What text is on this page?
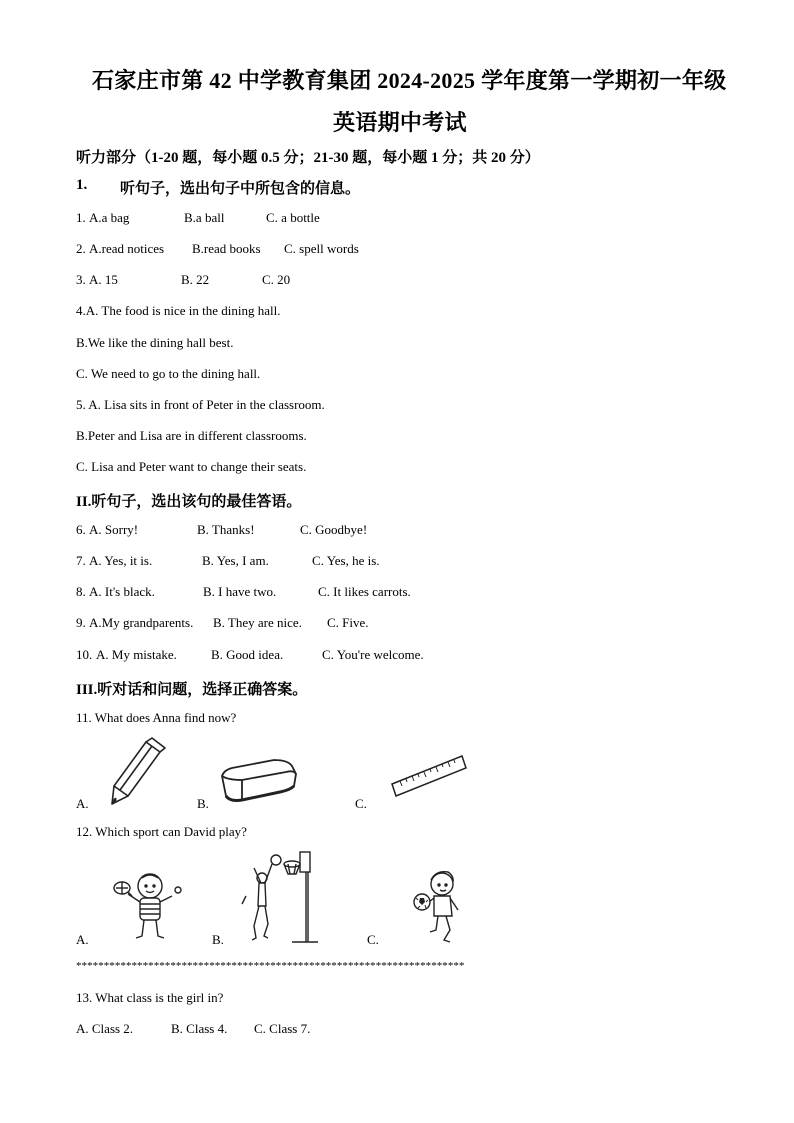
石家庄市第 42 中学教育集团 2024-2025 学年度第一学期初一年级
英语期中考试
听力部分（1-20 题，每小题 0.5 分；21-30 题，每小题 1 分；共 20 分）
1. 听句子，选出句子中所包含的信息。
1. A.a bag	B.a ball	C. a bottle
2. A.read notices B.read books C. spell words
3. A. 15	B. 22	C. 20
4.A. The food is nice in the dining hall.
B.We like the dining hall best.
C. We need to go to the dining hall.
5. A. Lisa sits in front of Peter in the classroom.
B.Peter and Lisa are in different classrooms.
C. Lisa and Peter want to change their seats.
II.听句子，选出该句的最佳答语。
6. A. Sorry!	B. Thanks!	C. Goodbye!
7. A. Yes, it is.	B. Yes, I am.	C. Yes, he is.
8. A. It's black.	B. I have two.	C. It likes carrots.
9. A.My grandparents. B. They are nice. C. Five.
10. A. My mistake.	B. Good idea.	C. You're welcome.
III.听对话和问题，选择正确答案。
11. What does Anna find now?
A.	B.	C.
12. Which sport can David play?
A.	B.	C.
**********************************************************************
13. What class is the girl in?
A. Class 2.	B. Class 4. C. Class 7.
